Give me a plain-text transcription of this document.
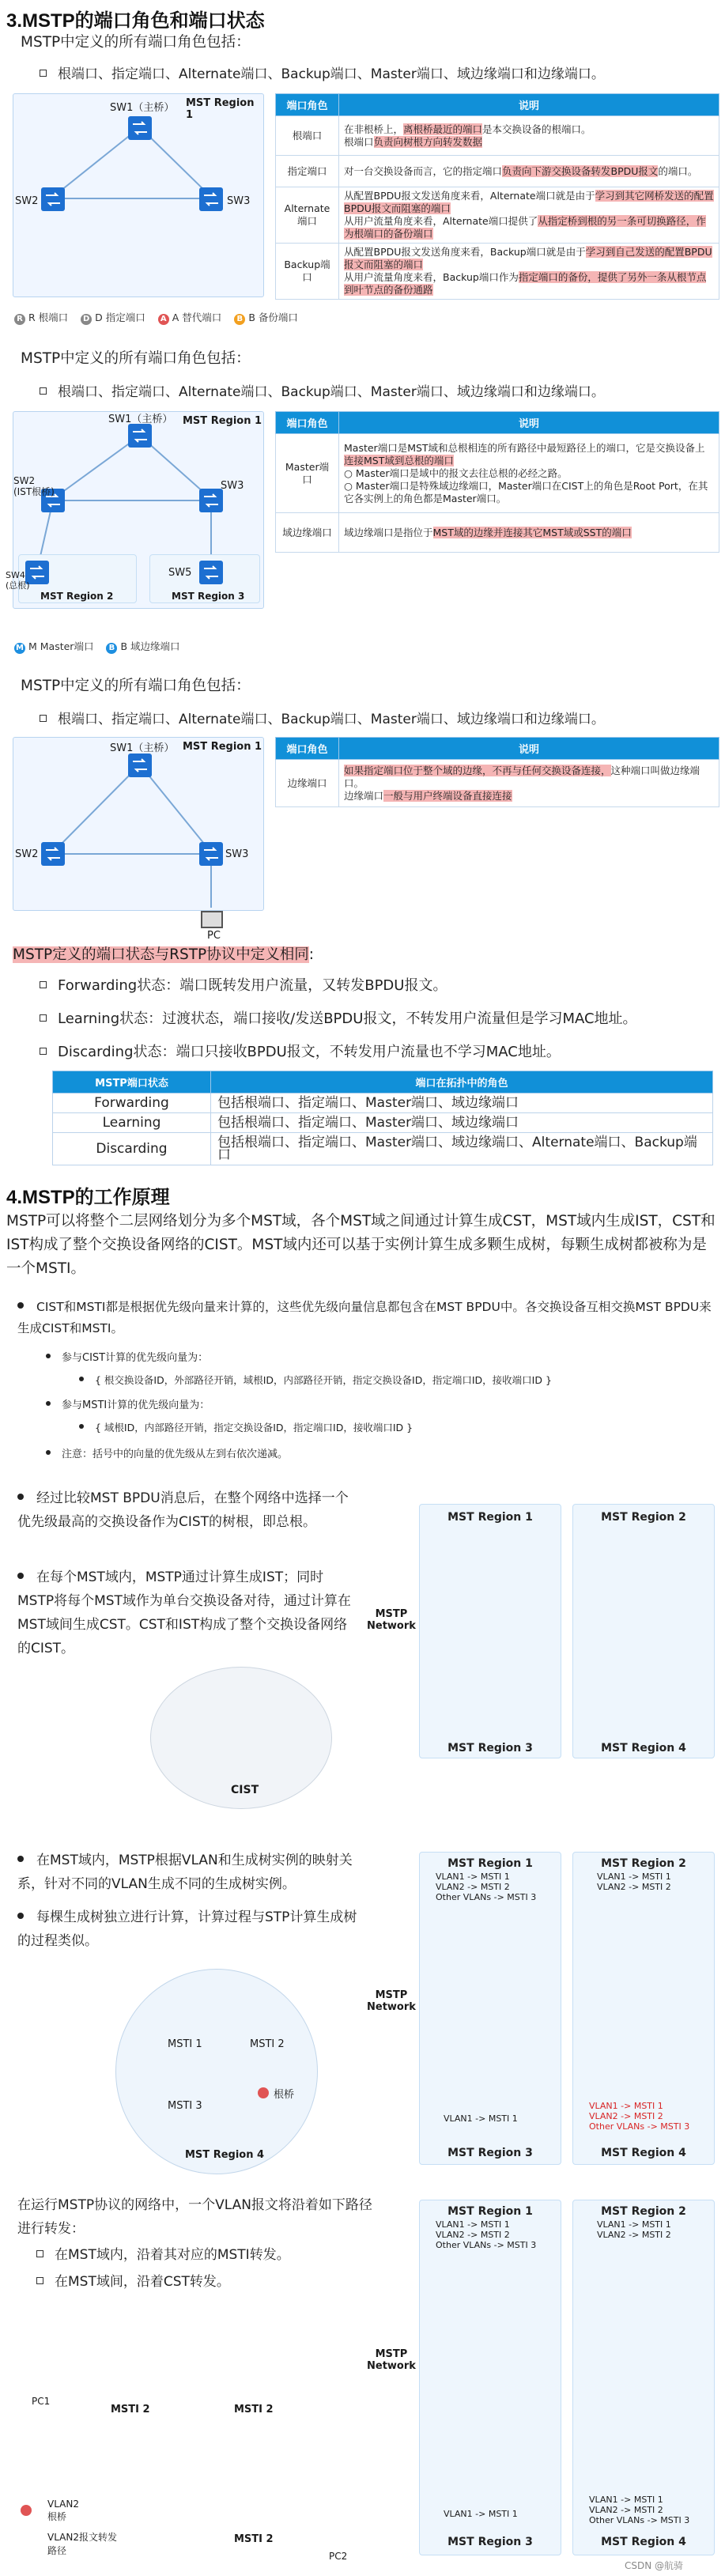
3.MSTP的端口角色和端口状态
MSTP中定义的所有端口角色包括：
根端口、指定端口、Alternate端口、Backup端口、Master端口、域边缘端口和边缘端口。
SW1（主桥） MST Region 1
SW2	SW3
端口角色	说明
根端口	在非根桥上，离根桥最近的端口是本交换设备的根端口。
根端口负责向树根方向转发数据
指定端口	对一台交换设备而言，它的指定端口负责向下游交换设备转发BPDU报文的端口。
Alternate端口	从配置BPDU报文发送角度来看，Alternate端口就是由于学习到其它网桥发送的配置BPDU报文而阻塞的端口
从用户流量角度来看，Alternate端口提供了从指定桥到根的另一条可切换路径，作为根端口的备份端口
Backup端口	从配置BPDU报文发送角度来看，Backup端口就是由于学习到自己发送的配置BPDU报文而阻塞的端口
从用户流量角度来看，Backup端口作为指定端口的备份，提供了另外一条从根节点到叶节点的备份通路
R R 根端口 D D 指定端口	A A 替代端口	B B 备份端口
MSTP中定义的所有端口角色包括：
根端口、指定端口、Alternate端口、Backup端口、Master端口、域边缘端口和边缘端口。
SW1（主桥） MST Region 1
SW2
(IST根桥)	SW3
SW4
(总根)
SW5
MST Region 2	MST Region 3
端口角色	说明
Master端口	Master端口是MST域和总根相连的所有路径中最短路径上的端口，它是交换设备上连接MST域到总根的端口
○ Master端口是域中的报文去往总根的必经之路。
○ Master端口是特殊域边缘端口，Master端口在CIST上的角色是Root Port，在其它各实例上的角色都是Master端口。
域边缘端口	域边缘端口是指位于MST域的边缘并连接其它MST域或SST的端口
M M Master端口	B B 域边缘端口
MSTP中定义的所有端口角色包括：
根端口、指定端口、Alternate端口、Backup端口、Master端口、域边缘端口和边缘端口。
SW1（主桥） MST Region 1
SW2	SW3
PC
端口角色	说明
边缘端口	如果指定端口位于整个域的边缘，不再与任何交换设备连接，这种端口叫做边缘端口。
边缘端口一般与用户终端设备直接连接
MSTP定义的端口状态与RSTP协议中定义相同:
Forwarding状态：端口既转发用户流量，又转发BPDU报文。
Learning状态：过渡状态，端口接收/发送BPDU报文，不转发用户流量但是学习MAC地址。
Discarding状态：端口只接收BPDU报文，不转发用户流量也不学习MAC地址。
MSTP端口状态	端口在拓扑中的角色
Forwarding	包括根端口、指定端口、Master端口、域边缘端口
Learning	包括根端口、指定端口、Master端口、域边缘端口
Discarding	包括根端口、指定端口、Master端口、域边缘端口、Alternate端口、Backup端口
4.MSTP的工作原理
MSTP可以将整个二层网络划分为多个MST域，各个MST域之间通过计算生成CST，MST域内生成IST，CST和IST构成了整个交换设备网络的CIST。MST域内还可以基于实例计算生成多颗生成树，每颗生成树都被称为是一个MSTI。
CIST和MSTI都是根据优先级向量来计算的，这些优先级向量信息都包含在MST BPDU中。各交换设备互相交换MST BPDU来生成CIST和MSTI。
参与CIST计算的优先级向量为：
{ 根交换设备ID，外部路径开销，域根ID，内部路径开销，指定交换设备ID，指定端口ID，接收端口ID }
参与MSTI计算的优先级向量为：
{ 域根ID，内部路径开销，指定交换设备ID，指定端口ID，接收端口ID }
注意：括号中的向量的优先级从左到右依次递减。
经过比较MST BPDU消息后，在整个网络中选择一个优先级最高的交换设备作为CIST的树根，即总根。
在每个MST域内，MSTP通过计算生成IST；同时MSTP将每个MST域作为单台交换设备对待，通过计算在MST域间生成CST。CST和IST构成了整个交换设备网络的CIST。
CIST
MST Region 1
MST Region 3
MST Region 2
MST Region 4
MSTP
Network
在MST域内，MSTP根据VLAN和生成树实例的映射关系，针对不同的VLAN生成不同的生成树实例。
每棵生成树独立进行计算，计算过程与STP计算生成树的过程类似。
MSTI 1	MSTI 2
MSTI 3
根桥
MST Region 4
MST Region 1
VLAN1 -> MSTI 1
VLAN2 -> MSTI 2
Other VLANs -> MSTI 3
VLAN1 -> MSTI 1
MST Region 3
MST Region 2
VLAN1 -> MSTI 1
VLAN2 -> MSTI 2
VLAN1 -> MSTI 1
VLAN2 -> MSTI 2
Other VLANs -> MSTI 3
MST Region 4
MSTP
Network
在运行MSTP协议的网络中，一个VLAN报文将沿着如下路径进行转发：
在MST域内，沿着其对应的MSTI转发。
在MST域间，沿着CST转发。
PC1
PC2
MSTI 2	MSTI 2
MSTI 2
VLAN2根桥
VLAN2报文转发路径
MST Region 1
VLAN1 -> MSTI 1
VLAN2 -> MSTI 2
Other VLANs -> MSTI 3
VLAN1 -> MSTI 1
MST Region 3
MST Region 2
VLAN1 -> MSTI 1
VLAN2 -> MSTI 2
VLAN1 -> MSTI 1
VLAN2 -> MSTI 2
Other VLANs -> MSTI 3
MST Region 4
MSTP
Network
CSDN @航骑
